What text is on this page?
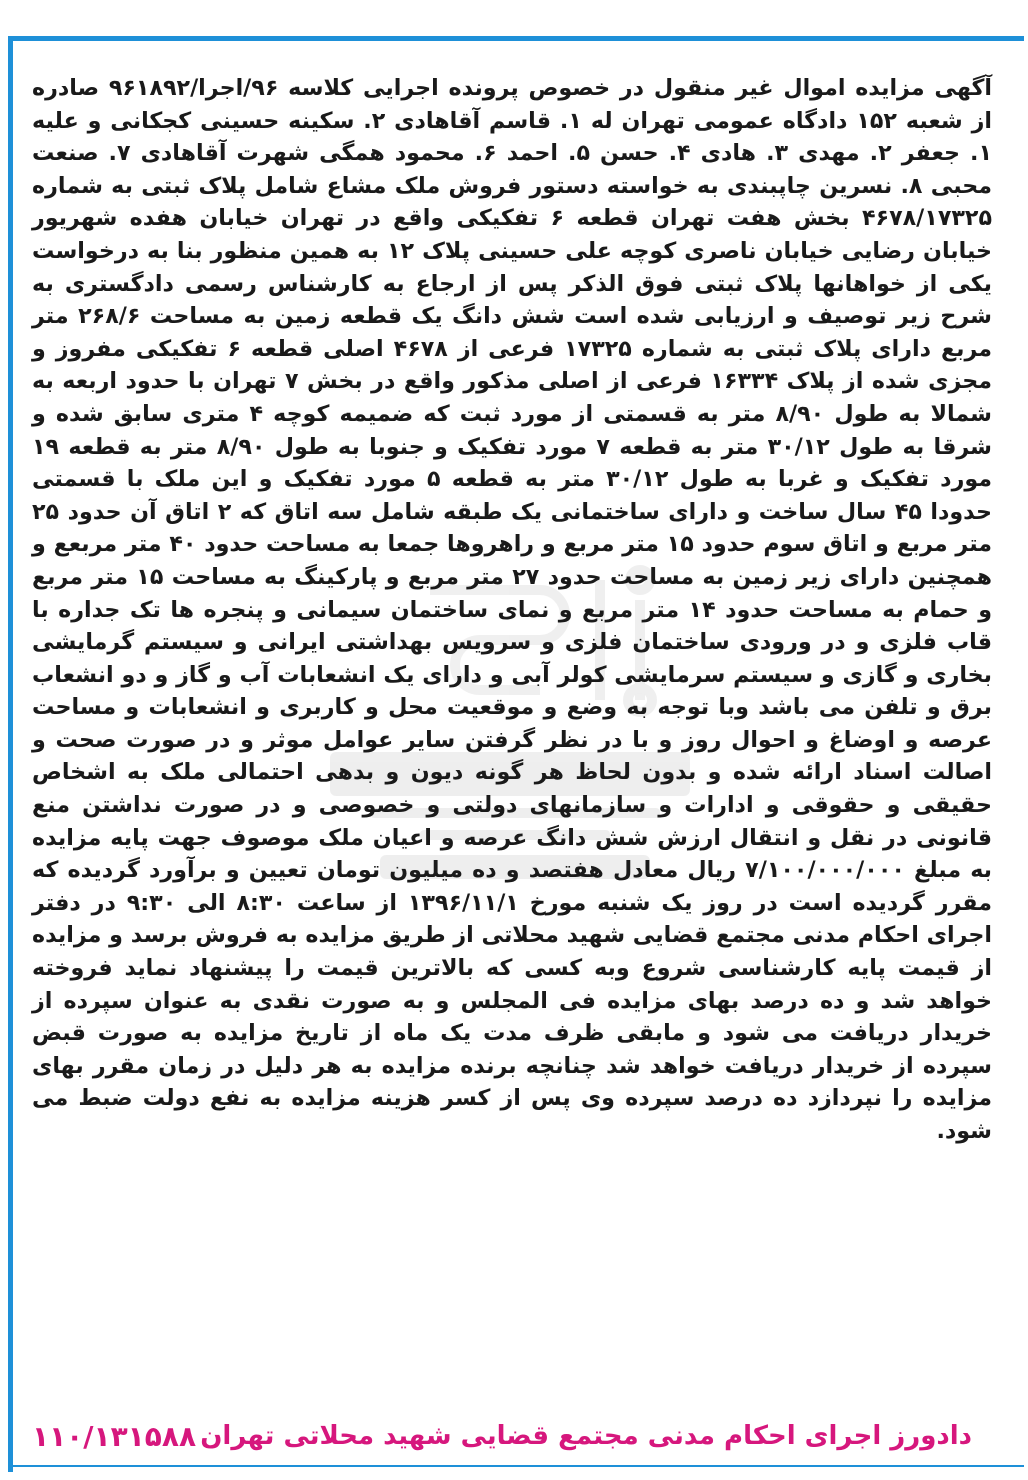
آگهی مزایده اموال غیر منقول در خصوص پرونده اجرایی کلاسه ۹۶/اجرا/۹۶۱۸۹۲ صادره از شعبه ۱۵۲ دادگاه عمومی تهران له ۱. قاسم آقاهادی ۲. سکینه حسینی کجکانی و علیه ۱. جعفر ۲. مهدی ۳. هادی ۴. حسن ۵. احمد ۶. محمود همگی شهرت آقاهادی ۷. صنعت محبی ۸. نسرین چاپبندی به خواسته دستور فروش ملک مشاع شامل پلاک ثبتی به شماره ۴۶۷۸/۱۷۳۲۵ بخش هفت تهران قطعه ۶ تفکیکی واقع در تهران خیابان هفده شهریور خیابان رضایی خیابان ناصری کوچه علی حسینی پلاک ۱۲ به همین منظور بنا به درخواست یکی از خواهانها پلاک ثبتی فوق الذکر پس از ارجاع به کارشناس رسمی دادگستری به شرح زیر توصیف و ارزیابی شده است شش دانگ یک قطعه زمین به مساحت ۲۶۸/۶ متر مربع دارای پلاک ثبتی به شماره ۱۷۳۲۵ فرعی از ۴۶۷۸ اصلی قطعه ۶ تفکیکی مفروز و مجزی شده از پلاک ۱۶۳۳۴ فرعی از اصلی مذکور واقع در بخش ۷ تهران با حدود اربعه به شمالا به طول ۸/۹۰ متر به قسمتی از مورد ثبت که ضمیمه کوچه ۴ متری سابق شده و شرقا به طول ۳۰/۱۲ متر به قطعه ۷ مورد تفکیک و جنوبا به طول ۸/۹۰ متر به قطعه ۱۹ مورد تفکیک و غربا به طول ۳۰/۱۲ متر به قطعه ۵ مورد تفکیک و این ملک با قسمتی حدودا ۴۵ سال ساخت و دارای ساختمانی یک طبقه شامل سه اتاق که ۲ اتاق آن حدود ۲۵ متر مربع و اتاق سوم حدود ۱۵ متر مربع و راهروها جمعا به مساحت حدود ۴۰ متر مربعع و همچنین دارای زیر زمین به مساحت حدود ۲۷ متر مربع و پارکینگ به مساحت ۱۵ متر مربع و حمام به مساحت حدود ۱۴ متر مربع و نمای ساختمان سیمانی و پنجره ها تک جداره با قاب فلزی و در ورودی ساختمان فلزی و سرویس بهداشتی ایرانی و سیستم گرمایشی بخاری و گازی و سیستم سرمایشی کولر آبی و دارای یک انشعابات آب و گاز و دو انشعاب برق و تلفن می باشد وبا توجه به وضع و موقعیت محل و کاربری و انشعابات و مساحت عرصه و اوضاغ و احوال روز و با در نظر گرفتن سایر عوامل موثر و در صورت صحت و اصالت اسناد ارائه شده و بدون لحاظ هر گونه دیون و بدهی احتمالی ملک به اشخاص حقیقی و حقوقی و ادارات و سازمانهای دولتی و خصوصی و در صورت نداشتن منع قانونی در نقل و انتقال ارزش شش دانگ عرصه و اعیان ملک موصوف جهت پایه مزایده به مبلغ ۷/۱۰۰/۰۰۰/۰۰۰ ریال معادل هفتصد و ده میلیون تومان تعیین و برآورد گردیده که مقرر گردیده است در روز یک شنبه مورخ ۱۳۹۶/۱۱/۱ از ساعت ۸:۳۰ الی ۹:۳۰ در دفتر اجرای احکام مدنی مجتمع قضایی شهید محلاتی از طریق مزایده به فروش برسد و مزایده از قیمت پایه کارشناسی شروع وبه کسی که بالاترین قیمت را پیشنهاد نماید فروخته خواهد شد و ده درصد بهای مزایده فی المجلس و به صورت نقدی به عنوان سپرده از خریدار دریافت می شود و مابقی ظرف مدت یک ماه از تاریخ مزایده به صورت قبض سپرده از خریدار دریافت خواهد شد چنانچه برنده مزایده به هر دلیل در زمان مقرر بهای مزایده را نپردازد ده درصد سپرده وی پس از کسر هزینه مزایده به نفع دولت ضبط می شود.

دادورز اجرای احکام مدنی مجتمع قضایی شهید محلاتی تهران
۱۱۰/۱۳۱۵۸۸
